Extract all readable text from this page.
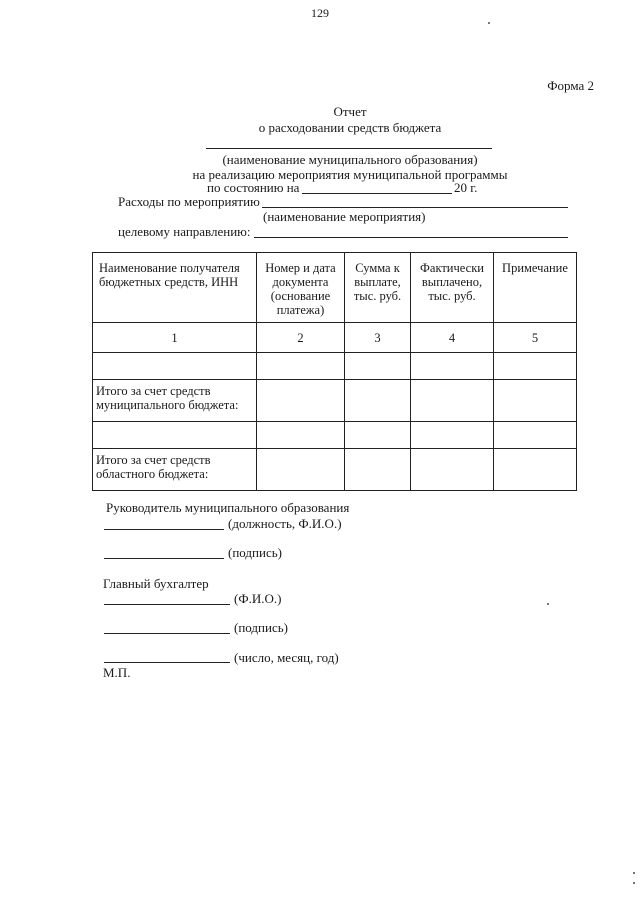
129
Форма 2
Отчет
о расходовании средств бюджета
(наименование муниципального образования)
на реализацию мероприятия муниципальной программы
по состоянию на	20 г.
Расходы по мероприятию
(наименование мероприятия)
целевому направлению:
Наименование получателя бюджетных средств, ИНН	Номер и дата документа (основание платежа)	Сумма к выплате, тыс. руб.	Фактически выплачено, тыс. руб.	Примечание
1	2	3	4	5

Итого за счет средств муниципального бюджета:				

Итого за счет средств областного бюджета:				
Руководитель муниципального образования
(должность, Ф.И.О.)
(подпись)
Главный бухгалтер
(Ф.И.О.)
(подпись)
(число, месяц, год)
М.П.
